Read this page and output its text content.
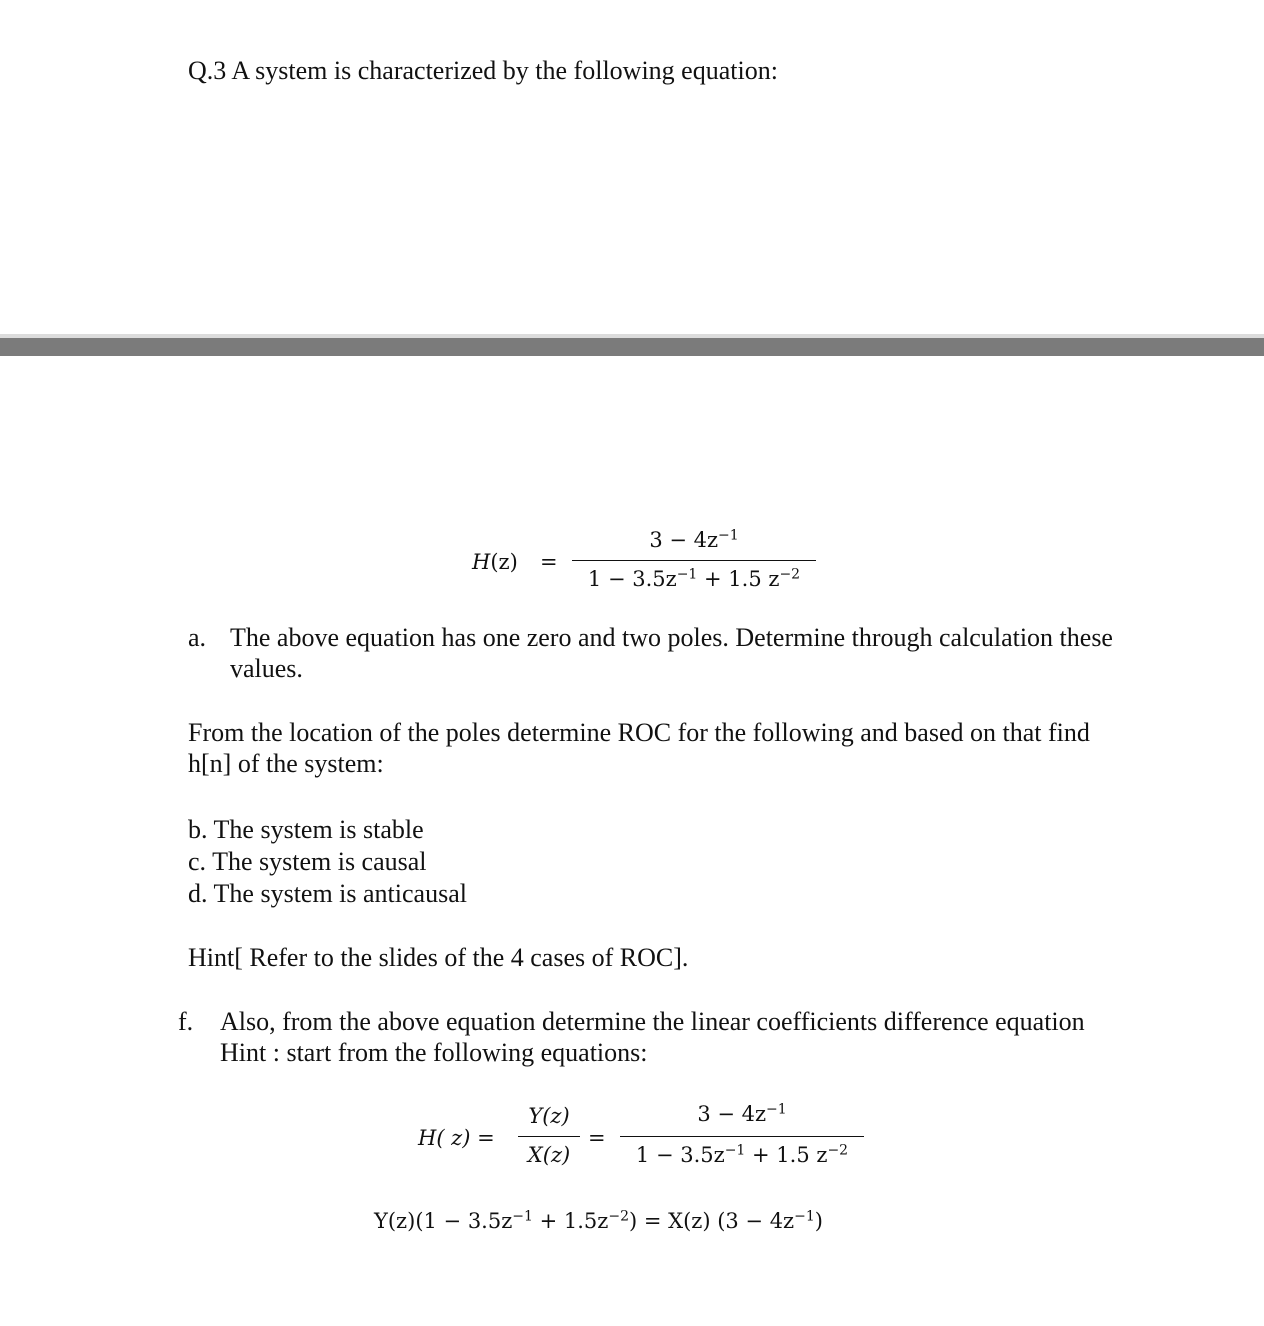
Q.3 A system is characterized by the following equation:
H(z) =
$3 - 4z^{-1}$
$1 - 3.5z^{-1} + 1.5$ $z^{-2}$
a. The above equation has one zero and two poles. Determine through calculation these
values.
From the location of the poles determine ROC for the following and based on that find
h[n] of the system:
b. The system is stable
c. The system is causal
d. The system is anticausal
Hint[ Refer to the slides of the 4 cases of ROC].
f. Also, from the above equation determine the linear coefficients difference equation
Hint : start from the following equations:
H( z) =
Y(z)
X(z)
=
$3 - 4z^{-1}$
$1 - 3.5z^{-1} + 1.5$ $z^{-2}$
$Y(z)(1 - 3.5z^{-1} + 1.5z^{-2}) = X(z)$ $(3 - 4z^{-1})$
